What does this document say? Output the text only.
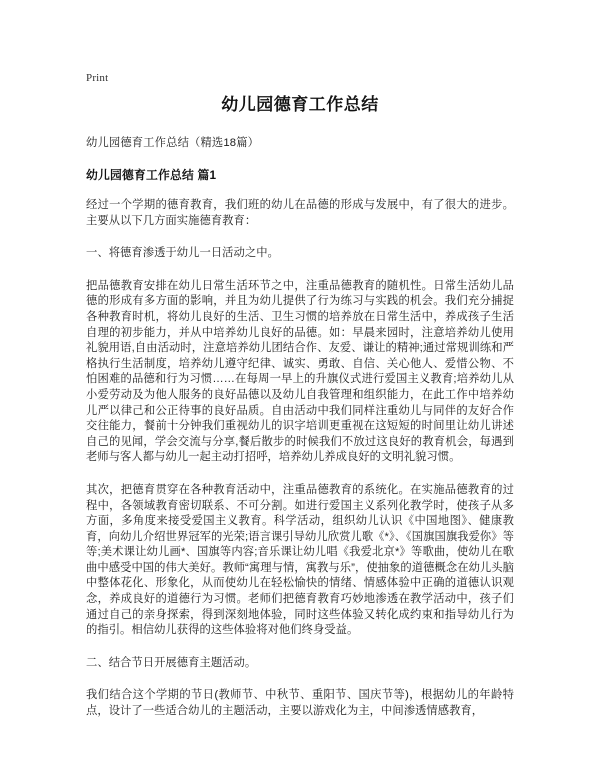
Print
幼儿园德育工作总结
幼儿园德育工作总结（精选18篇）
幼儿园德育工作总结 篇1

经过一个学期的德育教育，我们班的幼儿在品德的形成与发展中，有了很大的进步。主要从以下几方面实施德育教育：

一、将德育渗透于幼儿一日活动之中。

把品德教育安排在幼儿日常生活环节之中，注重品德教育的随机性。日常生活幼儿品德的形成有多方面的影响，并且为幼儿提供了行为练习与实践的机会。我们充分捕捉各种教育时机，将幼儿良好的生活、卫生习惯的培养放在日常生活中，养成孩子生活自理的初步能力，并从中培养幼儿良好的品德。如：早晨来园时，注意培养幼儿使用礼貌用语,自由活动时，注意培养幼儿团结合作、友爱、谦让的精神;通过常规训练和严格执行生活制度，培养幼儿遵守纪律、诚实、勇敢、自信、关心他人、爱惜公物、不怕困难的品德和行为习惯……在每周一早上的升旗仪式进行爱国主义教育;培养幼儿从小爱劳动及为他人服务的良好品德以及幼儿自我管理和组织能力，在此工作中培养幼儿严以律己和公正待事的良好品质。自由活动中我们同样注重幼儿与同伴的友好合作交往能力，餐前十分钟我们重视幼儿的识字培训更重视在这短短的时间里让幼儿讲述自己的见闻，学会交流与分享,餐后散步的时候我们不放过这良好的教育机会，每遇到老师与客人都与幼儿一起主动打招呼，培养幼儿养成良好的文明礼貌习惯。

其次，把德育贯穿在各种教育活动中，注重品德教育的系统化。在实施品德教育的过程中，各领域教育密切联系、不可分割。如进行爱国主义系列化教学时，使孩子从多方面，多角度来接受爱国主义教育。科学活动，组织幼儿认识《中国地图》、健康教育，向幼儿介绍世界冠军的光荣;语言课引导幼儿欣赏儿歌《*》、《国旗国旗我爱你》等等;美术课让幼儿画*、国旗等内容;音乐课让幼儿唱《我爱北京*》等歌曲，使幼儿在歌曲中感受中国的伟大美好。教师“寓理与情，寓教与乐”，使抽象的道德概念在幼儿头脑中整体花化、形象化，从而使幼儿在轻松愉快的情绪、情感体验中正确的道德认识观念，养成良好的道德行为习惯。老师们把德育教育巧妙地渗透在教学活动中，孩子们通过自己的亲身探索，得到深刻地体验，同时这些体验又转化成约束和指导幼儿行为的指引。相信幼儿获得的这些体验将对他们终身受益。

二、结合节日开展德育主题活动。

我们结合这个学期的节日(教师节、中秋节、重阳节、国庆节等)，根据幼儿的年龄特点，设计了一些适合幼儿的主题活动，主要以游戏化为主，中间渗透情感教育，
